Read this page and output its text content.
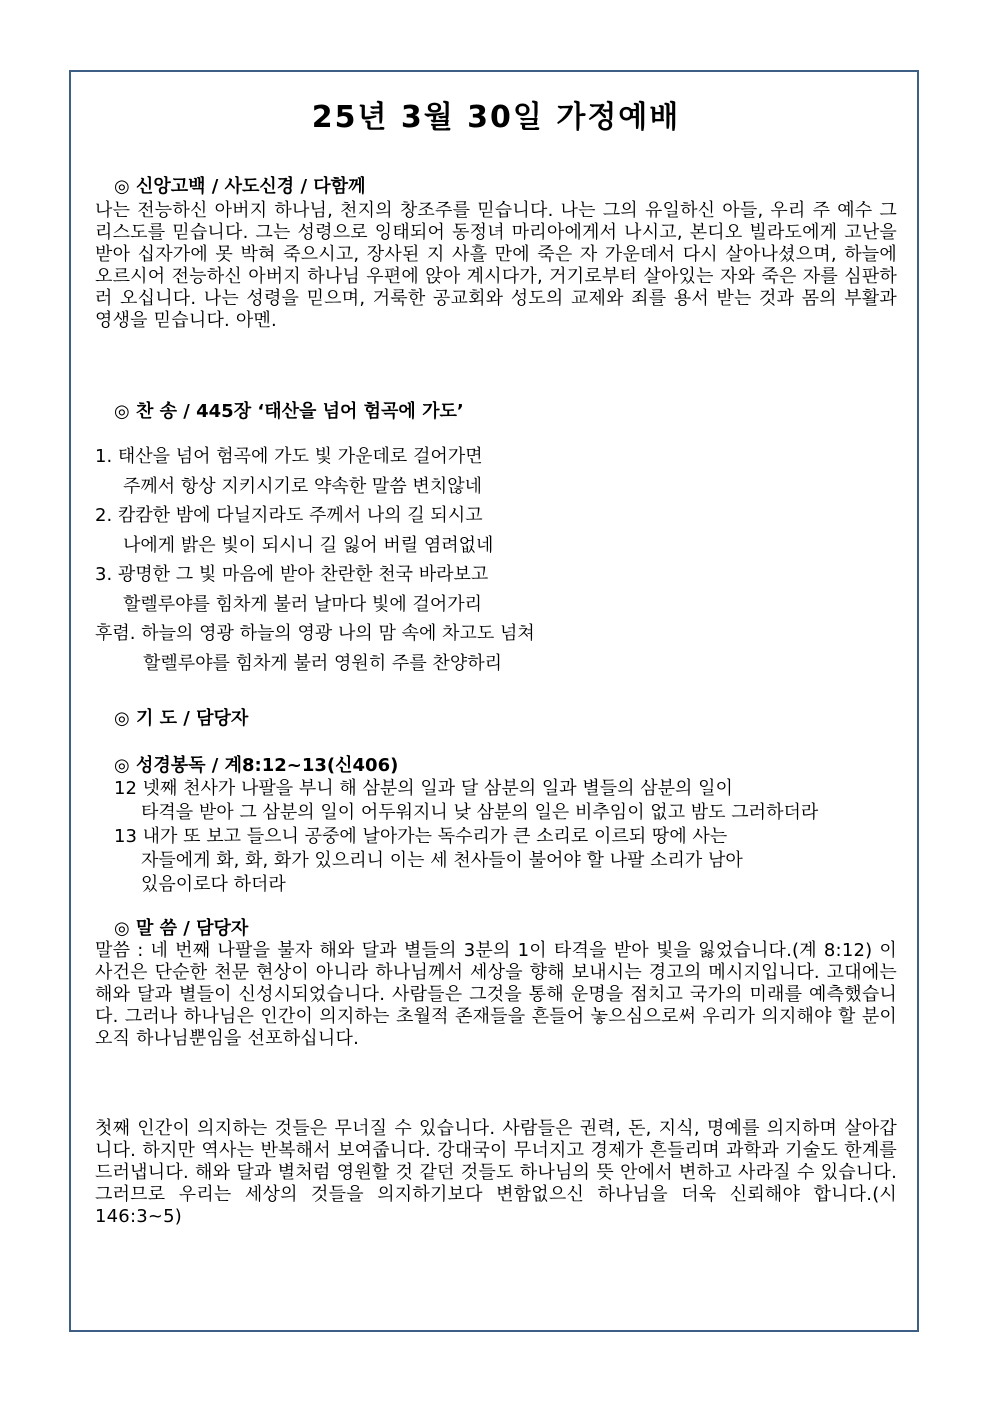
25년 3월 30일 가정예배
◎ 신앙고백 / 사도신경 / 다함께
나는 전능하신 아버지 하나님, 천지의 창조주를 믿습니다. 나는 그의 유일하신 아들, 우리 주 예수 그리스도를 믿습니다. 그는 성령으로 잉태되어 동정녀 마리아에게서 나시고, 본디오 빌라도에게 고난을 받아 십자가에 못 박혀 죽으시고, 장사된 지 사흘 만에 죽은 자 가운데서 다시 살아나셨으며, 하늘에 오르시어 전능하신 아버지 하나님 우편에 앉아 계시다가, 거기로부터 살아있는 자와 죽은 자를 심판하러 오십니다. 나는 성령을 믿으며, 거룩한 공교회와 성도의 교제와 죄를 용서 받는 것과 몸의 부활과 영생을 믿습니다. 아멘.
◎ 찬 송 / 445장 ‘태산을 넘어 험곡에 가도’
1. 태산을 넘어 험곡에 가도 빛 가운데로 걸어가면
주께서 항상 지키시기로 약속한 말씀 변치않네
2. 캄캄한 밤에 다닐지라도 주께서 나의 길 되시고
나에게 밝은 빛이 되시니 길 잃어 버릴 염려없네
3. 광명한 그 빛 마음에 받아 찬란한 천국 바라보고
할렐루야를 힘차게 불러 날마다 빛에 걸어가리
후렴. 하늘의 영광 하늘의 영광 나의 맘 속에 차고도 넘쳐
할렐루야를 힘차게 불러 영원히 주를 찬양하리
◎ 기 도 / 담당자
◎ 성경봉독 / 계8:12~13(신406)
12 넷째 천사가 나팔을 부니 해 삼분의 일과 달 삼분의 일과 별들의 삼분의 일이
타격을 받아 그 삼분의 일이 어두워지니 낮 삼분의 일은 비추임이 없고 밤도 그러하더라
13 내가 또 보고 들으니 공중에 날아가는 독수리가 큰 소리로 이르되 땅에 사는
자들에게 화, 화, 화가 있으리니 이는 세 천사들이 불어야 할 나팔 소리가 남아
있음이로다 하더라
◎ 말 씀 / 담당자
말씀 : 네 번째 나팔을 불자 해와 달과 별들의 3분의 1이 타격을 받아 빛을 잃었습니다.(계 8:12) 이 사건은 단순한 천문 현상이 아니라 하나님께서 세상을 향해 보내시는 경고의 메시지입니다. 고대에는 해와 달과 별들이 신성시되었습니다. 사람들은 그것을 통해 운명을 점치고 국가의 미래를 예측했습니다. 그러나 하나님은 인간이 의지하는 초월적 존재들을 흔들어 놓으심으로써 우리가 의지해야 할 분이 오직 하나님뿐임을 선포하십니다.
첫째 인간이 의지하는 것들은 무너질 수 있습니다. 사람들은 권력, 돈, 지식, 명예를 의지하며 살아갑니다. 하지만 역사는 반복해서 보여줍니다. 강대국이 무너지고 경제가 흔들리며 과학과 기술도 한계를 드러냅니다. 해와 달과 별처럼 영원할 것 같던 것들도 하나님의 뜻 안에서 변하고 사라질 수 있습니다. 그러므로 우리는 세상의 것들을 의지하기보다 변함없으신 하나님을 더욱 신뢰해야 합니다.(시 146:3~5)
